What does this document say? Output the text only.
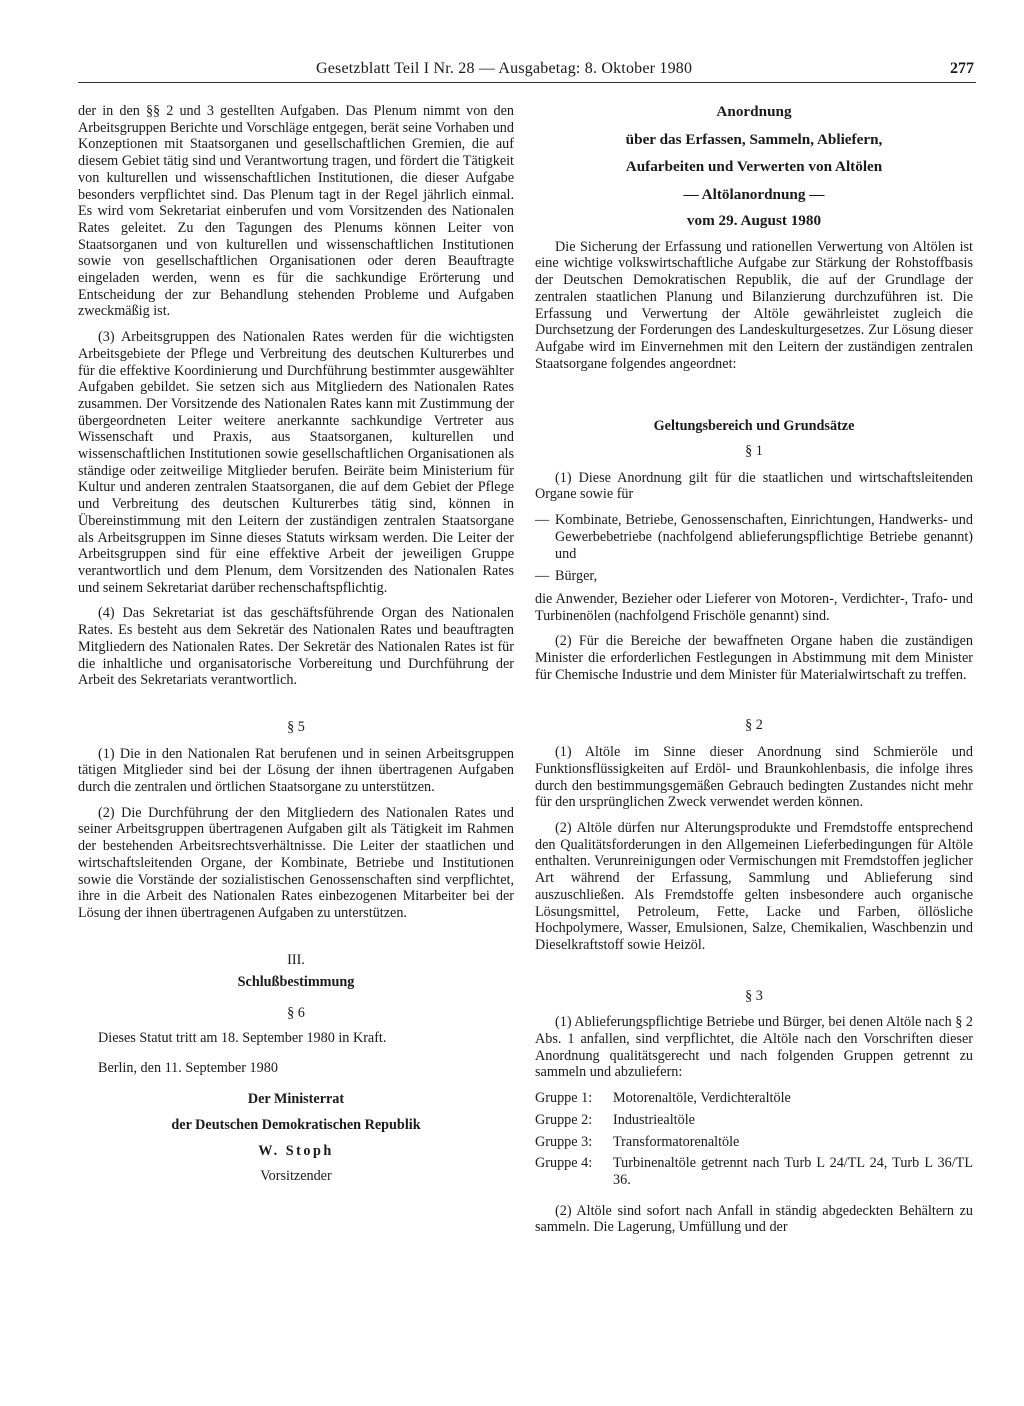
Gesetzblatt Teil I Nr. 28 — Ausgabetag: 8. Oktober 1980	277

der in den §§ 2 und 3 gestellten Aufgaben. Das Plenum nimmt von den Arbeitsgruppen Berichte und Vorschläge entgegen, berät seine Vorhaben und Konzeptionen mit Staatsorganen und gesellschaftlichen Gremien, die auf diesem Gebiet tätig sind und Verantwortung tragen, und fördert die Tätigkeit von kulturellen und wissenschaftlichen Institutionen, die dieser Aufgabe besonders verpflichtet sind. Das Plenum tagt in der Regel jährlich einmal. Es wird vom Sekretariat einberufen und vom Vorsitzenden des Nationalen Rates geleitet. Zu den Tagungen des Plenums können Leiter von Staatsorganen und von kulturellen und wissenschaftlichen Institutionen sowie von gesellschaftlichen Organisationen oder deren Beauftragte eingeladen werden, wenn es für die sachkundige Erörterung und Entscheidung der zur Behandlung stehenden Probleme und Aufgaben zweckmäßig ist.

(3) Arbeitsgruppen des Nationalen Rates werden für die wichtigsten Arbeitsgebiete der Pflege und Verbreitung des deutschen Kulturerbes und für die effektive Koordinierung und Durchführung bestimmter ausgewählter Aufgaben gebildet. Sie setzen sich aus Mitgliedern des Nationalen Rates zusammen. Der Vorsitzende des Nationalen Rates kann mit Zustimmung der übergeordneten Leiter weitere anerkannte sachkundige Vertreter aus Wissenschaft und Praxis, aus Staatsorganen, kulturellen und wissenschaftlichen Institutionen sowie gesellschaftlichen Organisationen als ständige oder zeitweilige Mitglieder berufen. Beiräte beim Ministerium für Kultur und anderen zentralen Staatsorganen, die auf dem Gebiet der Pflege und Verbreitung des deutschen Kulturerbes tätig sind, können in Übereinstimmung mit den Leitern der zuständigen zentralen Staatsorgane als Arbeitsgruppen im Sinne dieses Statuts wirksam werden. Die Leiter der Arbeitsgruppen sind für eine effektive Arbeit der jeweiligen Gruppe verantwortlich und dem Plenum, dem Vorsitzenden des Nationalen Rates und seinem Sekretariat darüber rechenschaftspflichtig.

(4) Das Sekretariat ist das geschäftsführende Organ des Nationalen Rates. Es besteht aus dem Sekretär des Nationalen Rates und beauftragten Mitgliedern des Nationalen Rates. Der Sekretär des Nationalen Rates ist für die inhaltliche und organisatorische Vorbereitung und Durchführung der Arbeit des Sekretariats verantwortlich.

§ 5

(1) Die in den Nationalen Rat berufenen und in seinen Arbeitsgruppen tätigen Mitglieder sind bei der Lösung der ihnen übertragenen Aufgaben durch die zentralen und örtlichen Staatsorgane zu unterstützen.

(2) Die Durchführung der den Mitgliedern des Nationalen Rates und seiner Arbeitsgruppen übertragenen Aufgaben gilt als Tätigkeit im Rahmen der bestehenden Arbeitsrechtsverhältnisse. Die Leiter der staatlichen und wirtschaftsleitenden Organe, der Kombinate, Betriebe und Institutionen sowie die Vorstände der sozialistischen Genossenschaften sind verpflichtet, ihre in die Arbeit des Nationalen Rates einbezogenen Mitarbeiter bei der Lösung der ihnen übertragenen Aufgaben zu unterstützen.

III.
Schlußbestimmung
§ 6

Dieses Statut tritt am 18. September 1980 in Kraft.

Berlin, den 11. September 1980

Der Ministerrat

der Deutschen Demokratischen Republik

W. Stoph

Vorsitzender

Anordnung

über das Erfassen, Sammeln, Abliefern,

Aufarbeiten und Verwerten von Altölen

— Altölanordnung —

vom 29. August 1980

Die Sicherung der Erfassung und rationellen Verwertung von Altölen ist eine wichtige volkswirtschaftliche Aufgabe zur Stärkung der Rohstoffbasis der Deutschen Demokratischen Republik, die auf der Grundlage der zentralen staatlichen Planung und Bilanzierung durchzuführen ist. Die Erfassung und Verwertung der Altöle gewährleistet zugleich die Durchsetzung der Forderungen des Landeskulturgesetzes. Zur Lösung dieser Aufgabe wird im Einvernehmen mit den Leitern der zuständigen zentralen Staatsorgane folgendes angeordnet:

Geltungsbereich und Grundsätze
§ 1

(1) Diese Anordnung gilt für die staatlichen und wirtschaftsleitenden Organe sowie für

— Kombinate, Betriebe, Genossenschaften, Einrichtungen, Handwerks- und Gewerbebetriebe (nachfolgend ablieferungspflichtige Betriebe genannt) und
— Bürger,

die Anwender, Bezieher oder Lieferer von Motoren-, Verdichter-, Trafo- und Turbinenölen (nachfolgend Frischöle genannt) sind.

(2) Für die Bereiche der bewaffneten Organe haben die zuständigen Minister die erforderlichen Festlegungen in Abstimmung mit dem Minister für Chemische Industrie und dem Minister für Materialwirtschaft zu treffen.

§ 2

(1) Altöle im Sinne dieser Anordnung sind Schmieröle und Funktionsflüssigkeiten auf Erdöl- und Braunkohlenbasis, die infolge ihres durch den bestimmungsgemäßen Gebrauch bedingten Zustandes nicht mehr für den ursprünglichen Zweck verwendet werden können.

(2) Altöle dürfen nur Alterungsprodukte und Fremdstoffe entsprechend den Qualitätsforderungen in den Allgemeinen Lieferbedingungen für Altöle enthalten. Verunreinigungen oder Vermischungen mit Fremdstoffen jeglicher Art während der Erfassung, Sammlung und Ablieferung sind auszuschließen. Als Fremdstoffe gelten insbesondere auch organische Lösungsmittel, Petroleum, Fette, Lacke und Farben, öllösliche Hochpolymere, Wasser, Emulsionen, Salze, Chemikalien, Waschbenzin und Dieselkraftstoff sowie Heizöl.

§ 3

(1) Ablieferungspflichtige Betriebe und Bürger, bei denen Altöle nach § 2 Abs. 1 anfallen, sind verpflichtet, die Altöle nach den Vorschriften dieser Anordnung qualitätsgerecht und nach folgenden Gruppen getrennt zu sammeln und abzuliefern:

Gruppe 1:	Motorenaltöle, Verdichteraltöle
Gruppe 2:	Industriealtöle
Gruppe 3:	Transformatorenaltöle
Gruppe 4:	Turbinenaltöle getrennt nach Turb L 24/TL 24, Turb L 36/TL 36.

(2) Altöle sind sofort nach Anfall in ständig abgedeckten Behältern zu sammeln. Die Lagerung, Umfüllung und der
